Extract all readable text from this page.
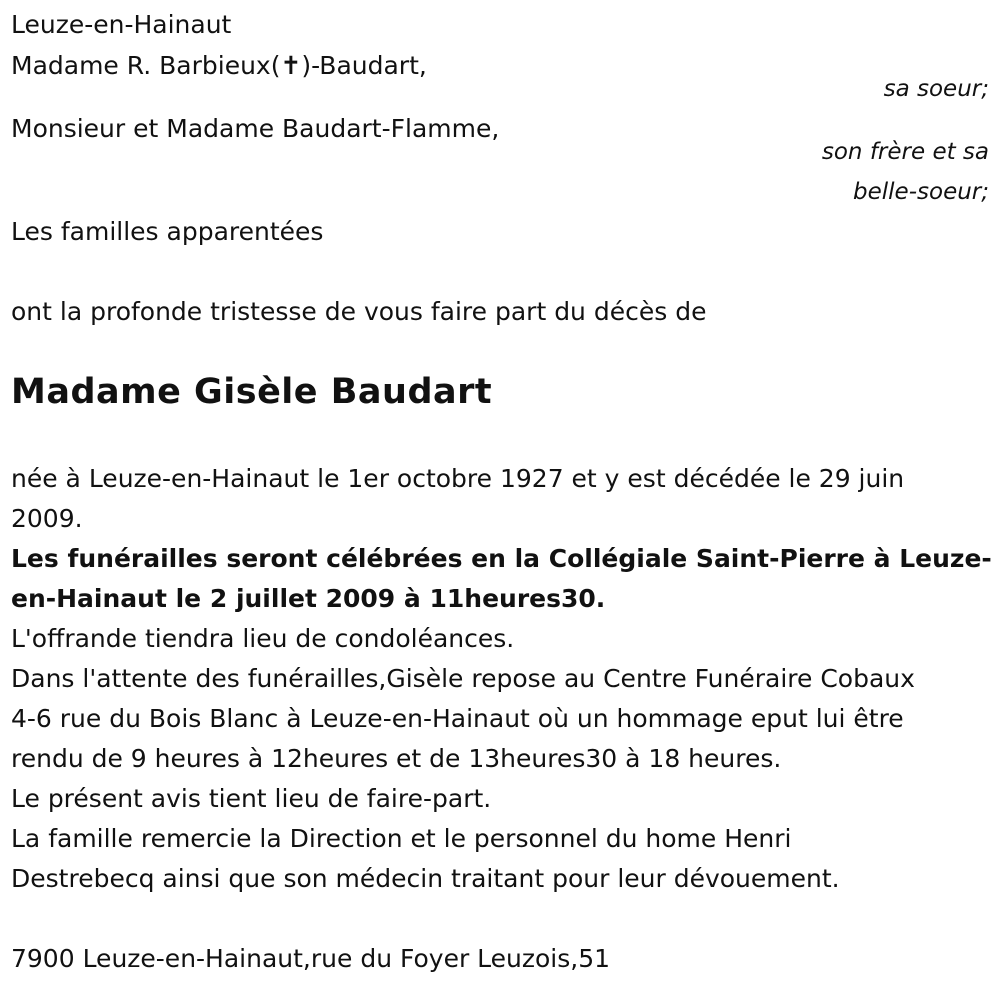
Leuze-en-Hainaut
Madame R. Barbieux(✝)-Baudart,
sa soeur;
Monsieur et Madame Baudart-Flamme,
son frère et sa
belle-soeur;
Les familles apparentées
ont la profonde tristesse de vous faire part du décès de
Madame Gisèle Baudart
née à Leuze-en-Hainaut le 1er octobre 1927 et y est décédée le 29 juin
2009.
Les funérailles seront célébrées en la Collégiale Saint-Pierre à Leuze-
en-Hainaut le 2 juillet 2009 à 11heures30.
L'offrande tiendra lieu de condoléances.
Dans l'attente des funérailles,Gisèle repose au Centre Funéraire Cobaux
4-6 rue du Bois Blanc à Leuze-en-Hainaut où un hommage eput lui être
rendu de 9 heures à 12heures et de 13heures30 à 18 heures.
Le présent avis tient lieu de faire-part.
La famille remercie la Direction et le personnel du home Henri
Destrebecq ainsi que son médecin traitant pour leur dévouement.
7900 Leuze-en-Hainaut,rue du Foyer Leuzois,51
